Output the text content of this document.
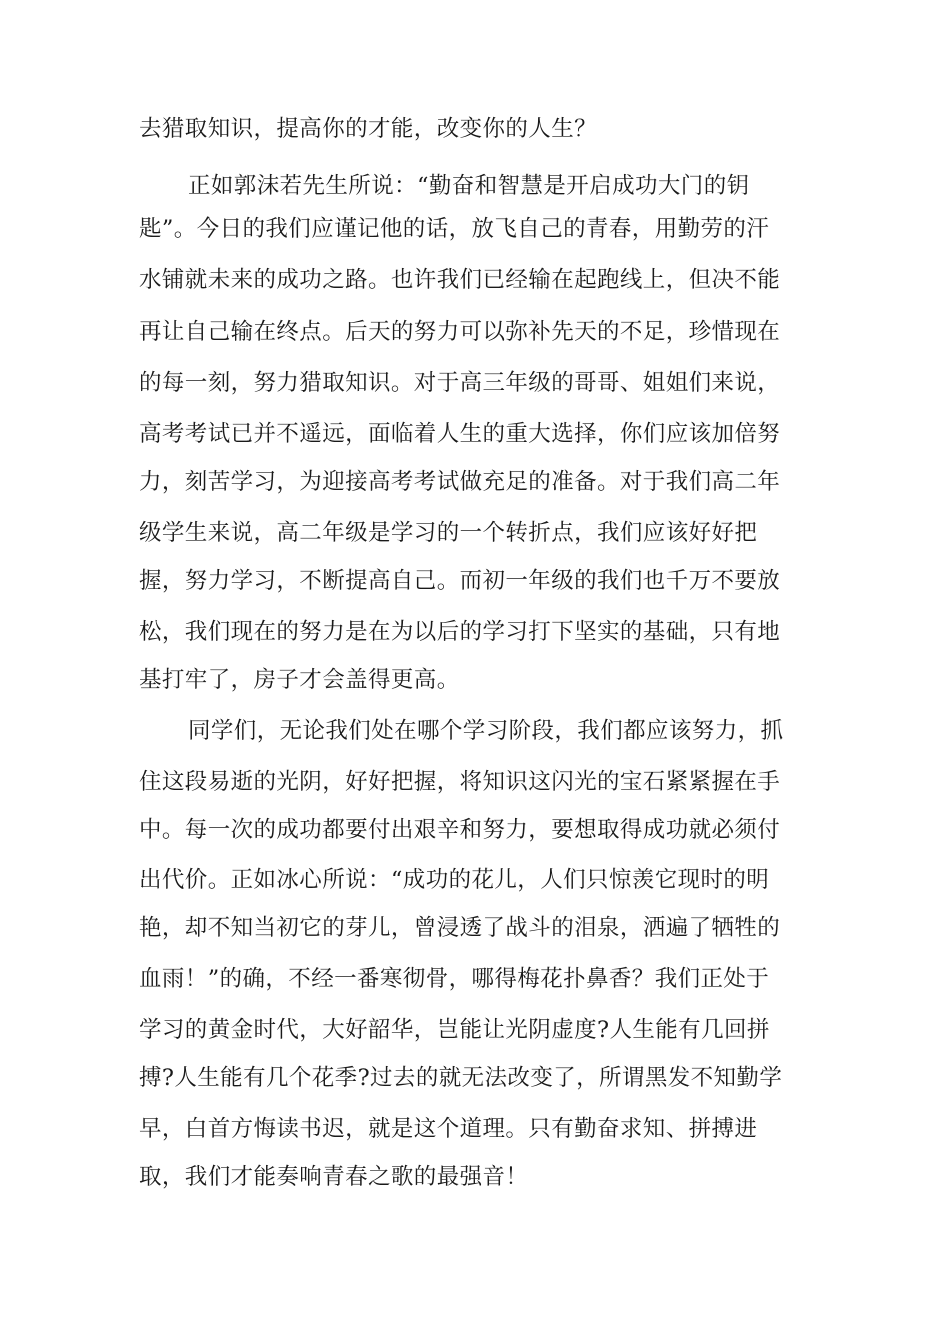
去猎取知识，提高你的才能，改变你的人生？
正如郭沫若先生所说：“勤奋和智慧是开启成功大门的钥
匙”。今日的我们应谨记他的话，放飞自己的青春，用勤劳的汗
水铺就未来的成功之路。也许我们已经输在起跑线上，但决不能
再让自己输在终点。后天的努力可以弥补先天的不足，珍惜现在
的每一刻，努力猎取知识。对于高三年级的哥哥、姐姐们来说，
高考考试已并不遥远，面临着人生的重大选择，你们应该加倍努
力，刻苦学习，为迎接高考考试做充足的准备。对于我们高二年
级学生来说，高二年级是学习的一个转折点，我们应该好好把
握，努力学习，不断提高自己。而初一年级的我们也千万不要放
松，我们现在的努力是在为以后的学习打下坚实的基础，只有地
基打牢了，房子才会盖得更高。
同学们，无论我们处在哪个学习阶段，我们都应该努力，抓
住这段易逝的光阴，好好把握，将知识这闪光的宝石紧紧握在手
中。每一次的成功都要付出艰辛和努力，要想取得成功就必须付
出代价。正如冰心所说：“成功的花儿，人们只惊羡它现时的明
艳，却不知当初它的芽儿，曾浸透了战斗的泪泉，洒遍了牺牲的
血雨！”的确，不经一番寒彻骨，哪得梅花扑鼻香？我们正处于
学习的黄金时代，大好韶华，岂能让光阴虚度?人生能有几回拼
搏?人生能有几个花季?过去的就无法改变了，所谓黑发不知勤学
早，白首方悔读书迟，就是这个道理。只有勤奋求知、拼搏进
取，我们才能奏响青春之歌的最强音！
